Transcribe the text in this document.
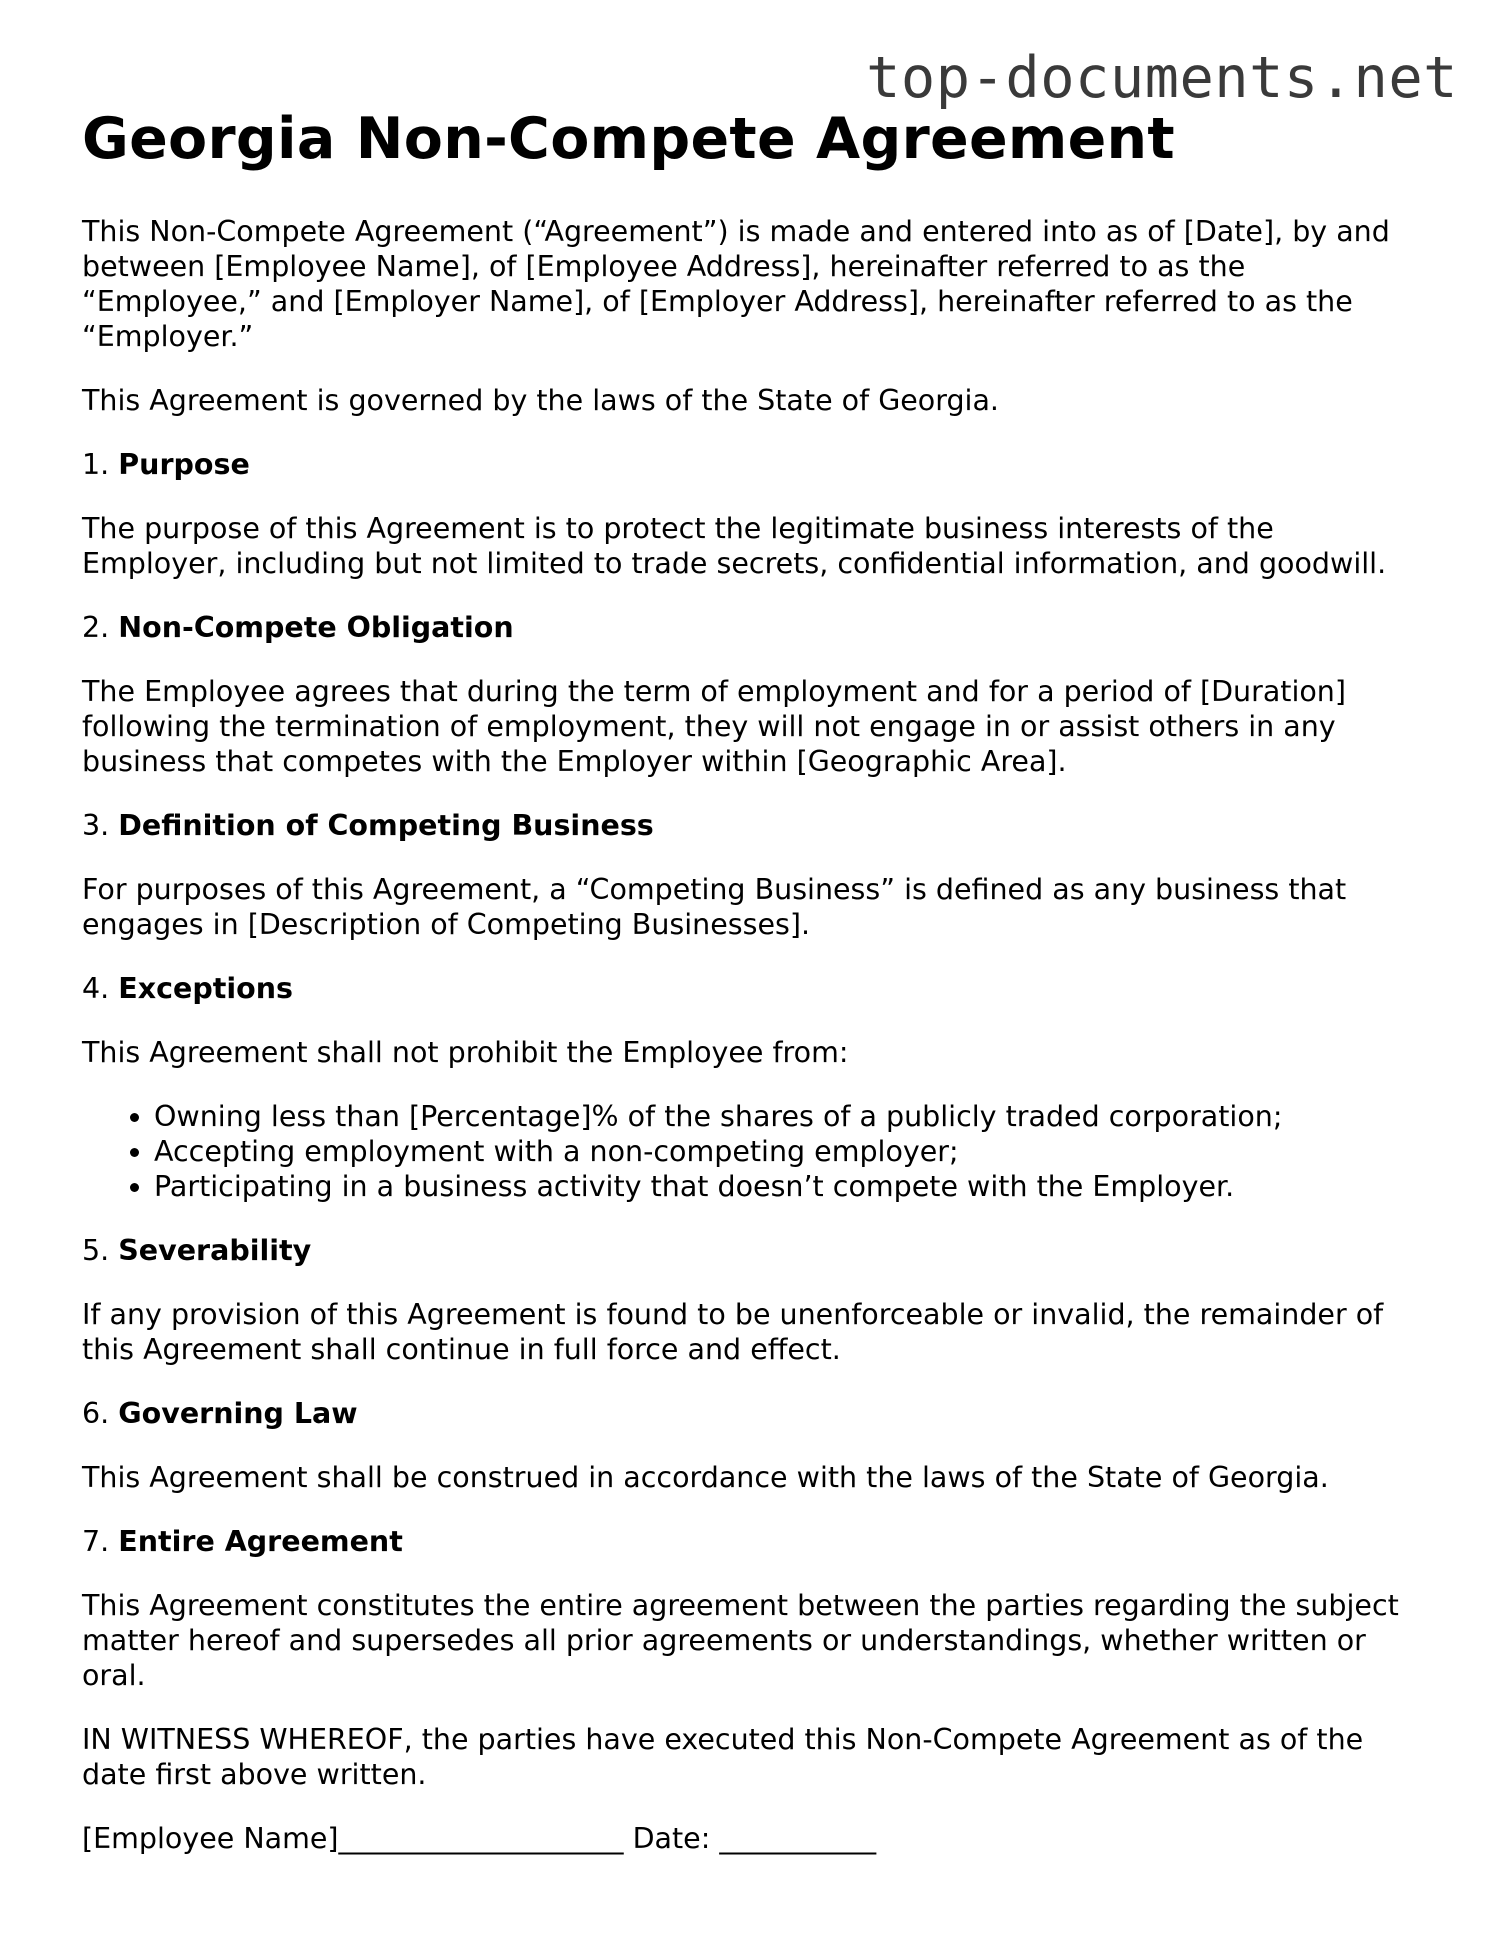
top-documents.net
Georgia Non-Compete Agreement

This Non-Compete Agreement (“Agreement”) is made and entered into as of [Date], by and between [Employee Name], of [Employee Address], hereinafter referred to as the “Employee,” and [Employer Name], of [Employer Address], hereinafter referred to as the “Employer.”

This Agreement is governed by the laws of the State of Georgia.

1. Purpose

The purpose of this Agreement is to protect the legitimate business interests of the Employer, including but not limited to trade secrets, confidential information, and goodwill.

2. Non-Compete Obligation

The Employee agrees that during the term of employment and for a period of [Duration] following the termination of employment, they will not engage in or assist others in any business that competes with the Employer within [Geographic Area].

3. Definition of Competing Business

For purposes of this Agreement, a “Competing Business” is defined as any business that engages in [Description of Competing Businesses].

4. Exceptions

This Agreement shall not prohibit the Employee from:

• Owning less than [Percentage]% of the shares of a publicly traded corporation;
• Accepting employment with a non-competing employer;
• Participating in a business activity that doesn’t compete with the Employer.
5. Severability

If any provision of this Agreement is found to be unenforceable or invalid, the remainder of this Agreement shall continue in full force and effect.

6. Governing Law

This Agreement shall be construed in accordance with the laws of the State of Georgia.

7. Entire Agreement

This Agreement constitutes the entire agreement between the parties regarding the subject matter hereof and supersedes all prior agreements or understandings, whether written or oral.

IN WITNESS WHEREOF, the parties have executed this Non-Compete Agreement as of the date first above written.

[Employee Name]____________________ Date: ___________
